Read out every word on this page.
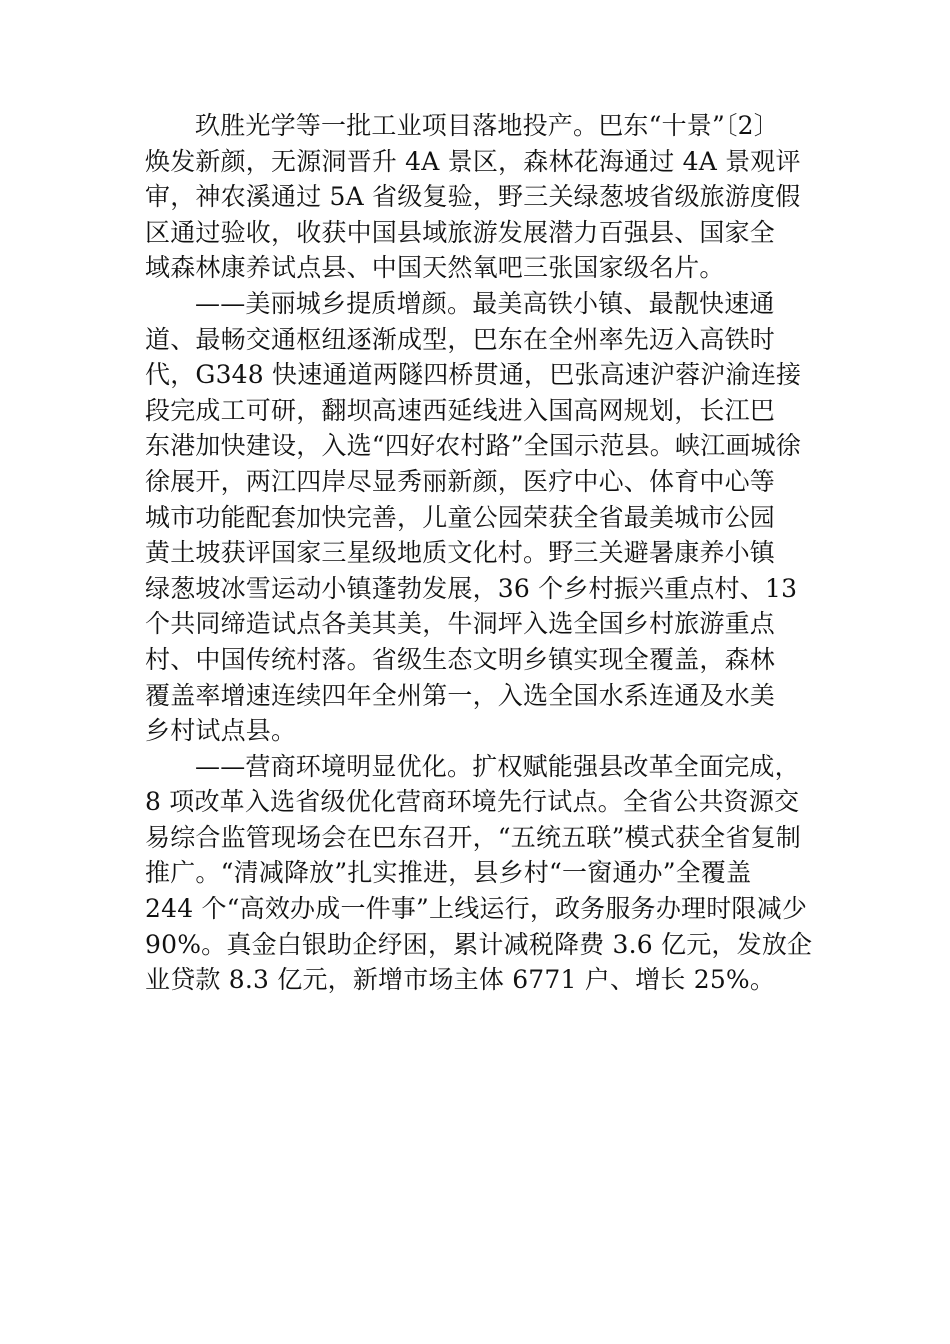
玖胜光学等一批工业项目落地投产。巴东“十景”〔2〕
焕发新颜，无源洞晋升 4A 景区，森林花海通过 4A 景观评
审，神农溪通过 5A 省级复验，野三关绿葱坡省级旅游度假
区通过验收，收获中国县域旅游发展潜力百强县、国家全
域森林康养试点县、中国天然氧吧三张国家级名片。
——美丽城乡提质增颜。最美高铁小镇、最靓快速通
道、最畅交通枢纽逐渐成型，巴东在全州率先迈入高铁时
代，G348 快速通道两隧四桥贯通，巴张高速沪蓉沪渝连接
段完成工可研，翻坝高速西延线进入国高网规划，长江巴
东港加快建设，入选“四好农村路”全国示范县。峡江画城徐
徐展开，两江四岸尽显秀丽新颜，医疗中心、体育中心等
城市功能配套加快完善，儿童公园荣获全省最美城市公园
黄土坡获评国家三星级地质文化村。野三关避暑康养小镇
绿葱坡冰雪运动小镇蓬勃发展，36 个乡村振兴重点村、13
个共同缔造试点各美其美，牛洞坪入选全国乡村旅游重点
村、中国传统村落。省级生态文明乡镇实现全覆盖，森林
覆盖率增速连续四年全州第一，入选全国水系连通及水美
乡村试点县。
——营商环境明显优化。扩权赋能强县改革全面完成，
8 项改革入选省级优化营商环境先行试点。全省公共资源交
易综合监管现场会在巴东召开，“五统五联”模式获全省复制
推广。“清减降放”扎实推进，县乡村“一窗通办”全覆盖
244 个“高效办成一件事”上线运行，政务服务办理时限减少
90%。真金白银助企纾困，累计减税降费 3.6 亿元，发放企
业贷款 8.3 亿元，新增市场主体 6771 户、增长 25%。
